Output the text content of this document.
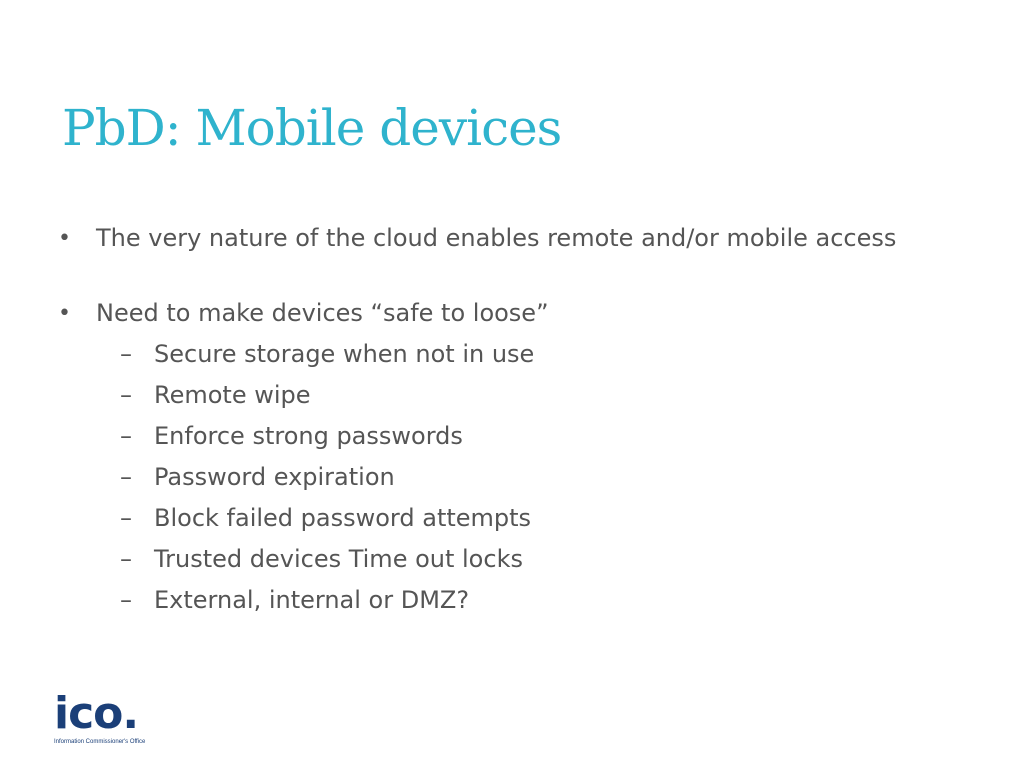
PbD: Mobile devices
•	The very nature of the cloud enables remote and/or mobile access
•	Need to make devices “safe to loose”
– Secure storage when not in use
– Remote wipe
– Enforce strong passwords
– Password expiration
– Block failed password attempts
– Trusted devices Time out locks
– External, internal or DMZ?
ico.
Information Commissioner's Office
